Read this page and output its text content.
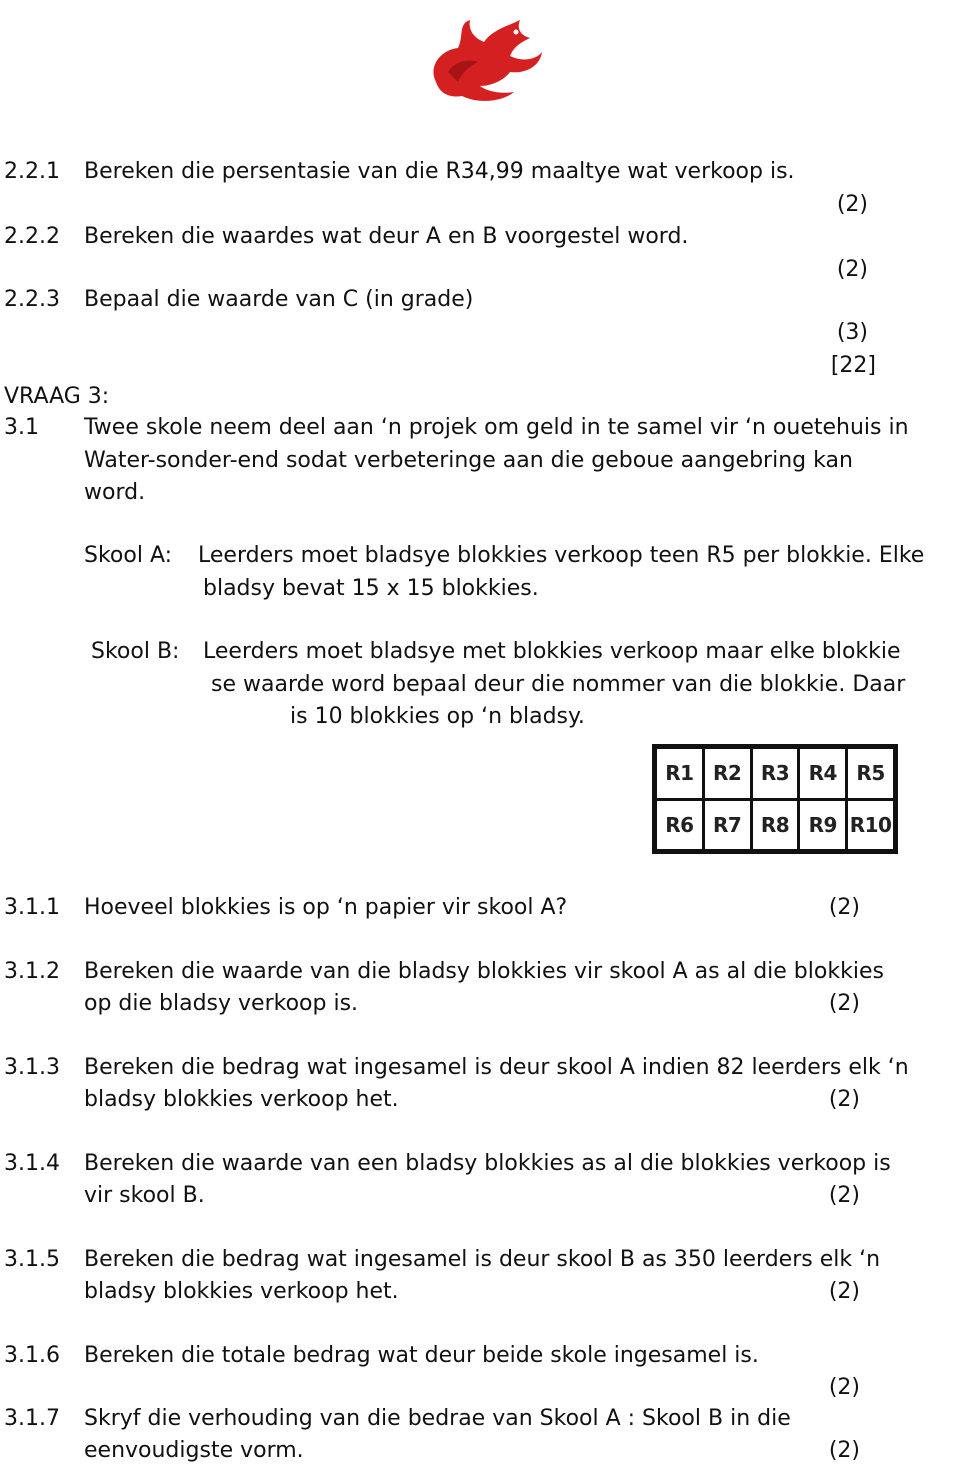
2.2.1 Bereken die persentasie van die R34,99 maaltye wat verkoop is.
(2)
2.2.2 Bereken die waardes wat deur A en B voorgestel word.
(2)
2.2.3 Bepaal die waarde van C (in grade)
(3)
[22]
VRAAG 3:
3.1 Twee skole neem deel aan ‘n projek om geld in te samel vir ‘n ouetehuis in
Water-sonder-end sodat verbeteringe aan die geboue aangebring kan
word.
Skool A: Leerders moet bladsye blokkies verkoop teen R5 per blokkie. Elke
bladsy bevat 15 x 15 blokkies.
Skool B: Leerders moet bladsye met blokkies verkoop maar elke blokkie
se waarde word bepaal deur die nommer van die blokkie. Daar
is 10 blokkies op ‘n bladsy.
R1 R2 R3 R4 R5
R6 R7 R8 R9 R10
3.1.1 Hoeveel blokkies is op ‘n papier vir skool A?	(2)
3.1.2 Bereken die waarde van die bladsy blokkies vir skool A as al die blokkies
op die bladsy verkoop is.	(2)
3.1.3 Bereken die bedrag wat ingesamel is deur skool A indien 82 leerders elk ‘n
bladsy blokkies verkoop het.	(2)
3.1.4 Bereken die waarde van een bladsy blokkies as al die blokkies verkoop is
vir skool B.	(2)
3.1.5 Bereken die bedrag wat ingesamel is deur skool B as 350 leerders elk ‘n
bladsy blokkies verkoop het.	(2)
3.1.6 Bereken die totale bedrag wat deur beide skole ingesamel is.
(2)
3.1.7 Skryf die verhouding van die bedrae van Skool A : Skool B in die
eenvoudigste vorm.	(2)
